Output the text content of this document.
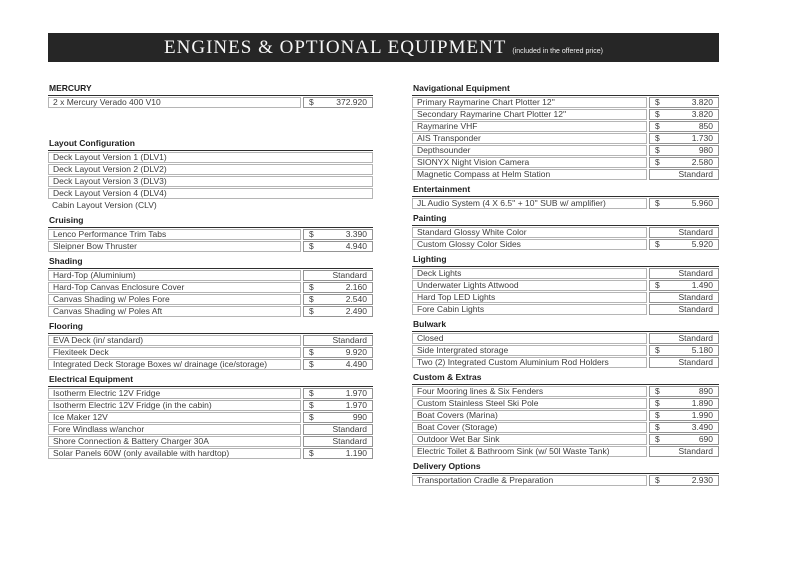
ENGINES & OPTIONAL EQUIPMENT (included in the offered price)
MERCURY
2 x Mercury Verado 400 V10	$	372.920
Layout Configuration
Deck Layout Version 1 (DLV1)
Deck Layout Version 2 (DLV2)
Deck Layout Version 3 (DLV3)
Deck Layout Version 4 (DLV4)
Cabin Layout Version (CLV)
Cruising
Lenco Performance Trim Tabs	$	3.390
Sleipner Bow Thruster	$	4.940
Shading
Hard-Top (Aluminium)	Standard
Hard-Top Canvas Enclosure Cover	$	2.160
Canvas Shading w/ Poles Fore	$	2.540
Canvas Shading w/ Poles Aft	$	2.490
Flooring
EVA Deck (in/ standard)	Standard
Flexiteek Deck	$	9.920
Integrated Deck Storage Boxes w/ drainage (ice/storage)	$	4.490
Electrical Equipment
Isotherm Electric 12V Fridge	$	1.970
Isotherm Electric 12V Fridge (in the cabin)	$	1.970
Ice Maker 12V	$	990
Fore Windlass w/anchor	Standard
Shore Connection & Battery Charger 30A	Standard
Solar Panels 60W (only available with hardtop)	$	1.190
Navigational Equipment
Primary Raymarine Chart Plotter 12''	$	3.820
Secondary Raymarine Chart Plotter 12''	$	3.820
Raymarine VHF	$	850
AIS Transponder	$	1.730
Depthsounder	$	980
SIONYX Night Vision Camera	$	2.580
Magnetic Compass at Helm Station	Standard
Entertainment
JL Audio System (4 X 6.5'' + 10'' SUB w/ amplifier)	$	5.960
Painting
Standard Glossy White Color	Standard
Custom Glossy Color Sides	$	5.920
Lighting
Deck Lights	Standard
Underwater Lights Attwood	$	1.490
Hard Top LED Lights	Standard
Fore Cabin Lights	Standard
Bulwark
Closed	Standard
Side Intergrated storage	$	5.180
Two (2) Integrated Custom Aluminium Rod Holders	Standard
Custom & Extras
Four Mooring lines & Six Fenders	$	890
Custom Stainless Steel Ski Pole	$	1.890
Boat Covers (Marina)	$	1.990
Boat Cover (Storage)	$	3.490
Outdoor Wet Bar Sink	$	690
Electric Toilet & Bathroom Sink (w/ 50l Waste Tank)	Standard
Delivery Options
Transportation Cradle & Preparation	$	2.930
